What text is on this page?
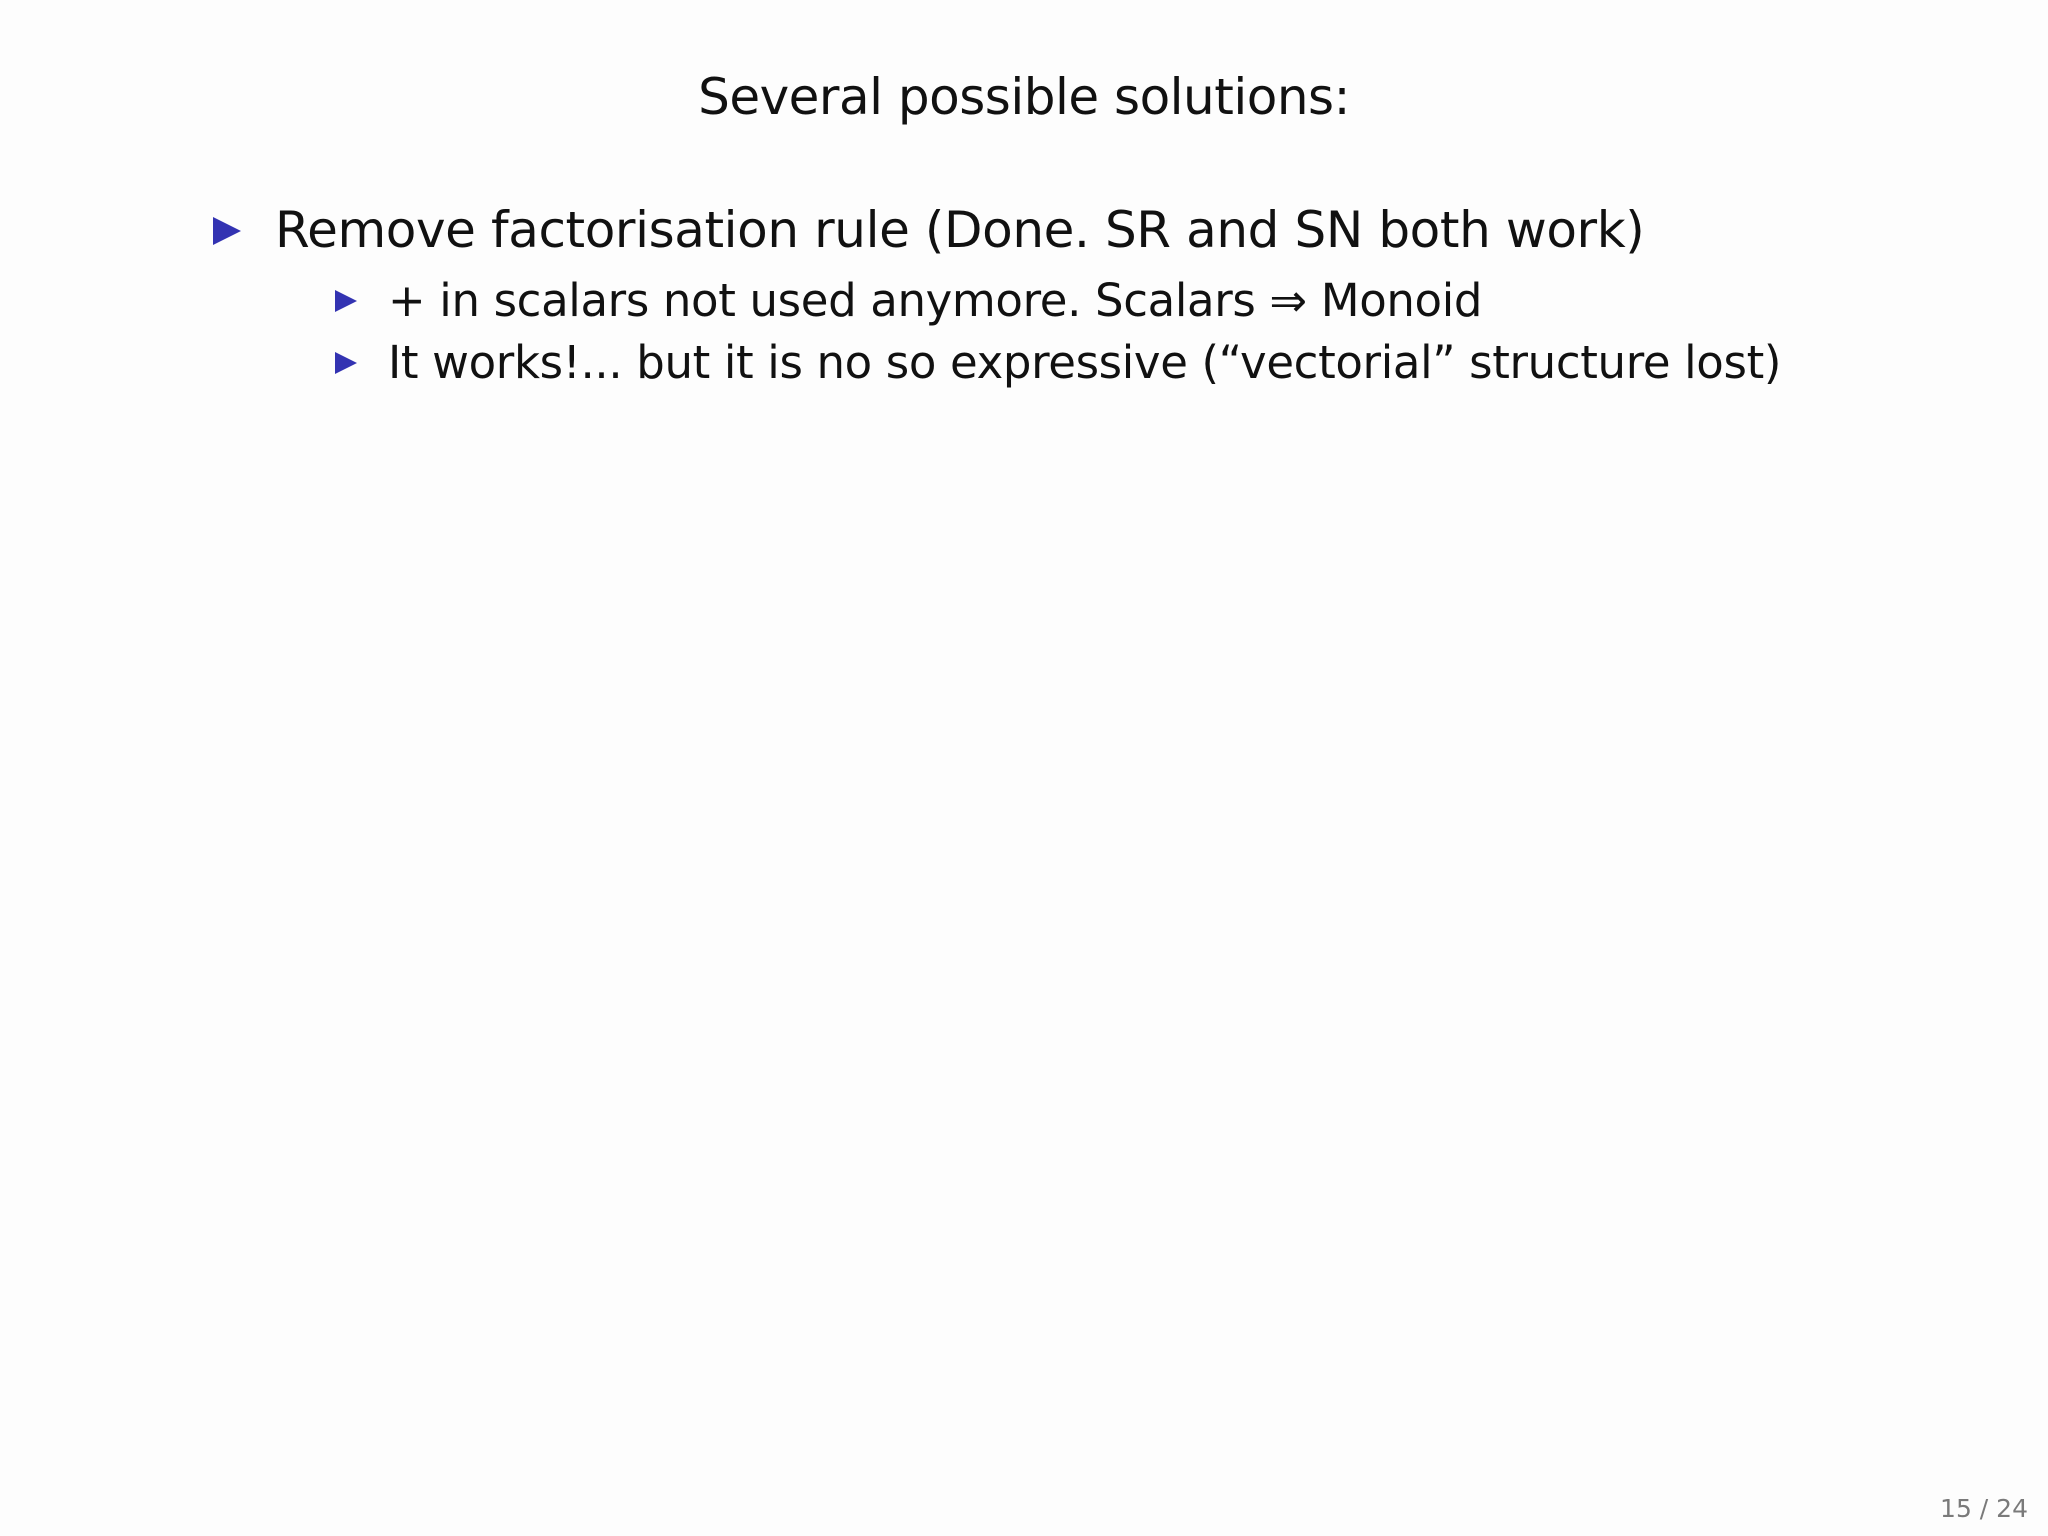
Several possible solutions:
Remove factorisation rule (Done. SR and SN both work)
+ in scalars not used anymore. Scalars ⇒ Monoid
It works!... but it is no so expressive (“vectorial” structure lost)
15 / 24
